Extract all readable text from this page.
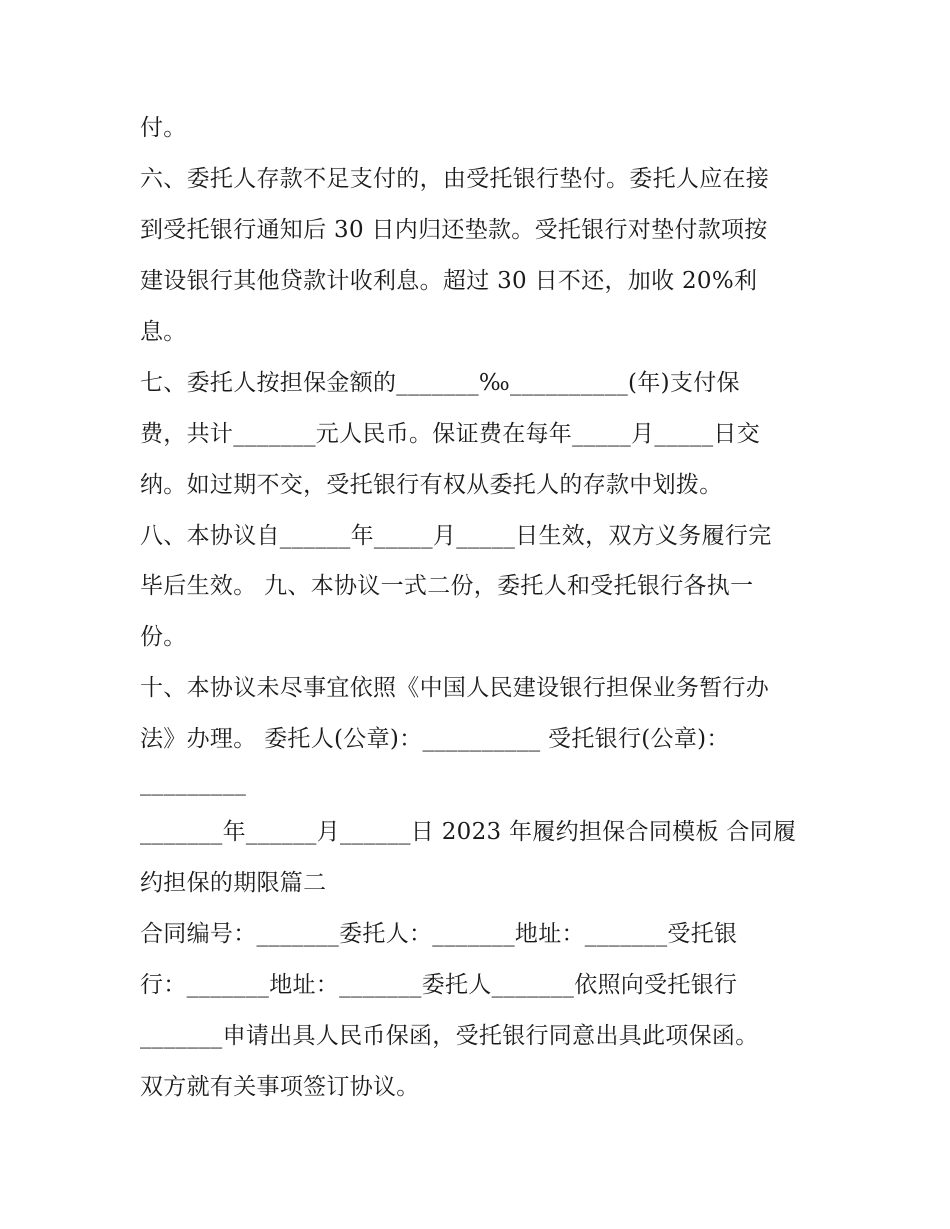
付。
六、委托人存款不足支付的，由受托银行垫付。委托人应在接
到受托银行通知后 30 日内归还垫款。受托银行对垫付款项按
建设银行其他贷款计收利息。超过 30 日不还，加收 20%利
息。
七、委托人按担保金额的_______‰__________(年)支付保
费，共计_______元人民币。保证费在每年_____月_____日交
纳。如过期不交，受托银行有权从委托人的存款中划拨。
八、本协议自______年_____月_____日生效，双方义务履行完
毕后生效。 九、本协议一式二份，委托人和受托银行各执一
份。
十、本协议未尽事宜依照《中国人民建设银行担保业务暂行办
法》办理。 委托人(公章)：__________ 受托银行(公章)：
_________
_______年______月______日 2023 年履约担保合同模板 合同履
约担保的期限篇二
合同编号：_______委托人：_______地址：_______受托银
行：_______地址：_______委托人_______依照向受托银行
_______申请出具人民币保函，受托银行同意出具此项保函。
双方就有关事项签订协议。
